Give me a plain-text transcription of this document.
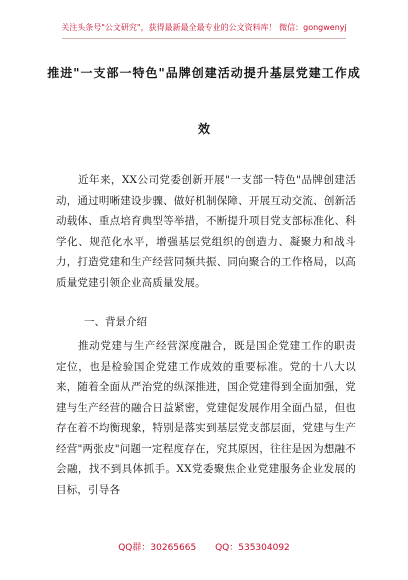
关注头条号"公文研究"，获得最新最全最专业的公文资料库！ 微信：gongwenyj
推进"一支部一特色"品牌创建活动提升基层党建工作成
效
近年来，XX公司党委创新开展"一支部一特色"品牌创建活动，通过明晰建设步骤、做好机制保障、开展互动交流、创新活动载体、重点培育典型等举措，不断提升项目党支部标准化、科学化、规范化水平，增强基层党组织的创造力、凝聚力和战斗力，打造党建和生产经营同频共振、同向聚合的工作格局，以高质量党建引领企业高质量发展。
一、背景介绍
推动党建与生产经营深度融合，既是国企党建工作的职责定位，也是检验国企党建工作成效的重要标准。党的十八大以来，随着全面从严治党的纵深推进，国企党建得到全面加强，党建与生产经营的融合日益紧密，党建促发展作用全面凸显，但也存在着不均衡现象，特别是落实到基层党支部层面，党建与生产经营"两张皮"问题一定程度存在，究其原因，往往是因为想融不会融，找不到具体抓手。XX党委聚焦企业党建服务企业发展的目标，引导各
QQ群：30265665 QQ：535304092
